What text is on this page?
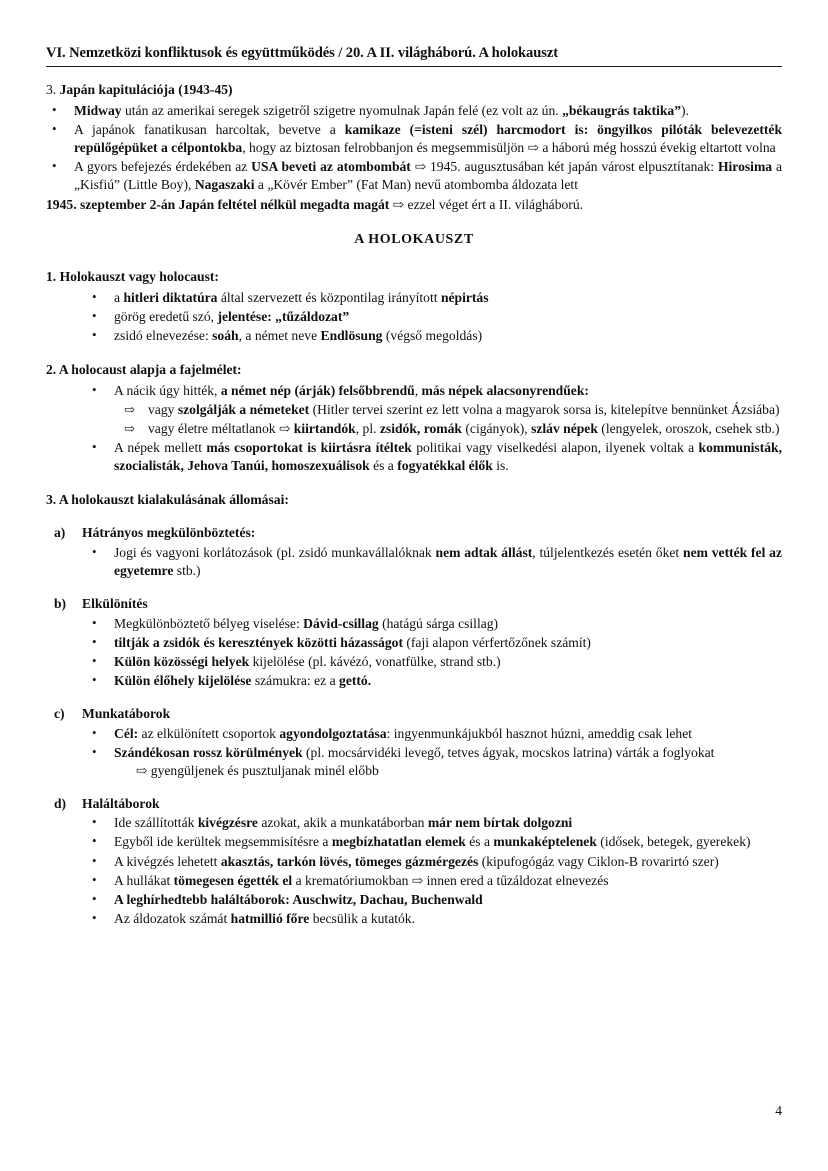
VI. Nemzetközi konfliktusok és együttműködés / 20. A II. világháború. A holokauszt

3. Japán kapitulációja (1943-45)

• Midway után az amerikai seregek szigetről szigetre nyomulnak Japán felé (ez volt az ún. „békaugrás taktika”).
• A japánok fanatikusan harcoltak, bevetve a kamikaze (=isteni szél) harcmodort is: öngyilkos pilóták belevezették repülőgépüket a célpontokba, hogy az biztosan felrobbanjon és megsemmisüljön ⇨ a háború még hosszú évekig eltartott volna
• A gyors befejezés érdekében az USA beveti az atombombát ⇨ 1945. augusztusában két japán várost elpusztítanak: Hirosima a „Kisfiú” (Little Boy), Nagaszaki a „Kövér Ember” (Fat Man) nevű atombomba áldozata lett

1945. szeptember 2-án Japán feltétel nélkül megadta magát ⇨ ezzel véget ért a II. világháború.

A HOLOKAUSZT

1. Holokauszt vagy holocaust:

• a hitleri diktatúra által szervezett és központilag irányított népirtás
• görög eredetű szó, jelentése: „tűzáldozat”
• zsidó elnevezése: soáh, a német neve Endlösung (végső megoldás)

2. A holocaust alapja a fajelmélet:

• A nácik úgy hitték, a német nép (árják) felsőbbrendű, más népek alacsonyrendűek:
⇨ vagy szolgálják a németeket (Hitler tervei szerint ez lett volna a magyarok sorsa is, kitelepítve bennünket Ázsiába)
⇨ vagy életre méltatlanok ⇨ kiirtandók, pl. zsidók, romák (cigányok), szláv népek (lengyelek, oroszok, csehek stb.)
• A népek mellett más csoportokat is kiirtásra ítéltek politikai vagy viselkedési alapon, ilyenek voltak a kommunisták, szocialisták, Jehova Tanúi, homoszexuálisok és a fogyatékkal élők is.

3. A holokauszt kialakulásának állomásai:

a) Hátrányos megkülönböztetés:
• Jogi és vagyoni korlátozások (pl. zsidó munkavállalóknak nem adtak állást, túljelentkezés esetén őket nem vették fel az egyetemre stb.)
b) Elkülönítés
• Megkülönböztető bélyeg viselése: Dávid-csillag (hatágú sárga csillag)
• tiltják a zsidók és keresztények közötti házasságot (faji alapon vérfertőzőnek számít)
• Külön közösségi helyek kijelölése (pl. kávézó, vonatfülke, strand stb.)
• Külön élőhely kijelölése számukra: ez a gettó.
c) Munkatáborok
• Cél: az elkülönített csoportok agyondolgoztatása: ingyenmunkájukból hasznot húzni, ameddig csak lehet
• Szándékosan rossz körülmények (pl. mocsárvidéki levegő, tetves ágyak, mocskos latrina) várták a foglyokat
⇨ gyengüljenek és pusztuljanak minél előbb
d) Haláltáborok
• Ide szállították kivégzésre azokat, akik a munkatáborban már nem bírtak dolgozni
• Egyből ide kerültek megsemmisítésre a megbízhatatlan elemek és a munkaképtelenek (idősek, betegek, gyerekek)
• A kivégzés lehetett akasztás, tarkón lövés, tömeges gázmérgezés (kipufogógáz vagy Ciklon-B rovarirtó szer)
• A hullákat tömegesen égették el a krematóriumokban ⇨ innen ered a tűzáldozat elnevezés
• A leghírhedtebb haláltáborok: Auschwitz, Dachau, Buchenwald
• Az áldozatok számát hatmillió főre becsülik a kutatók.
4
